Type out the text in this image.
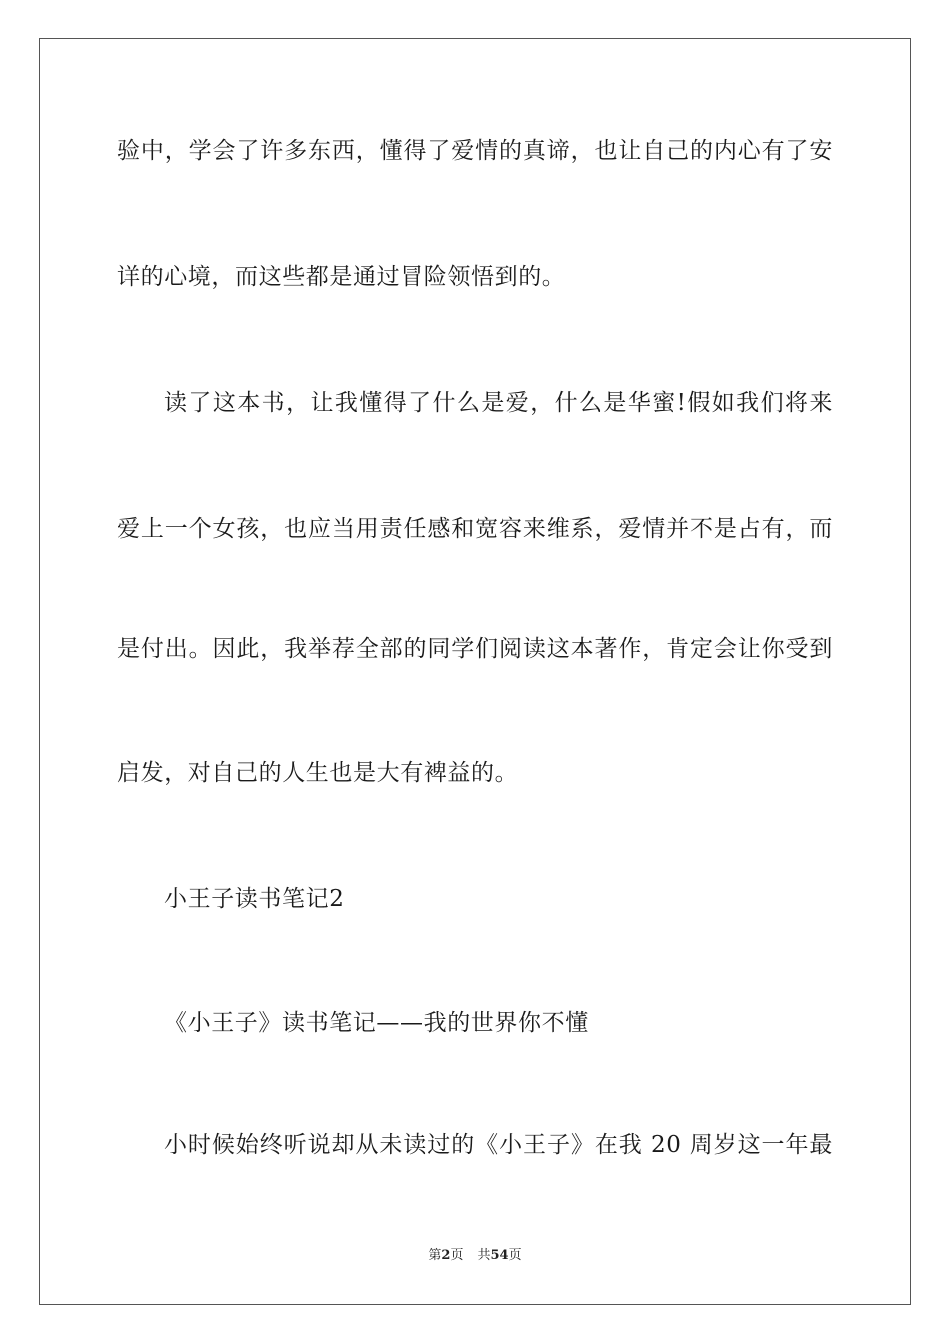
验中，学会了许多东西，懂得了爱情的真谛，也让自己的内心有了安
详的心境，而这些都是通过冒险领悟到的。
读了这本书，让我懂得了什么是爱，什么是华蜜!假如我们将来
爱上一个女孩，也应当用责任感和宽容来维系，爱情并不是占有，而
是付出。因此，我举荐全部的同学们阅读这本著作，肯定会让你受到
启发，对自己的人生也是大有裨益的。
小王子读书笔记2
《小王子》读书笔记——我的世界你不懂
小时候始终听说却从未读过的《小王子》在我 20 周岁这一年最
第2页 共54页
